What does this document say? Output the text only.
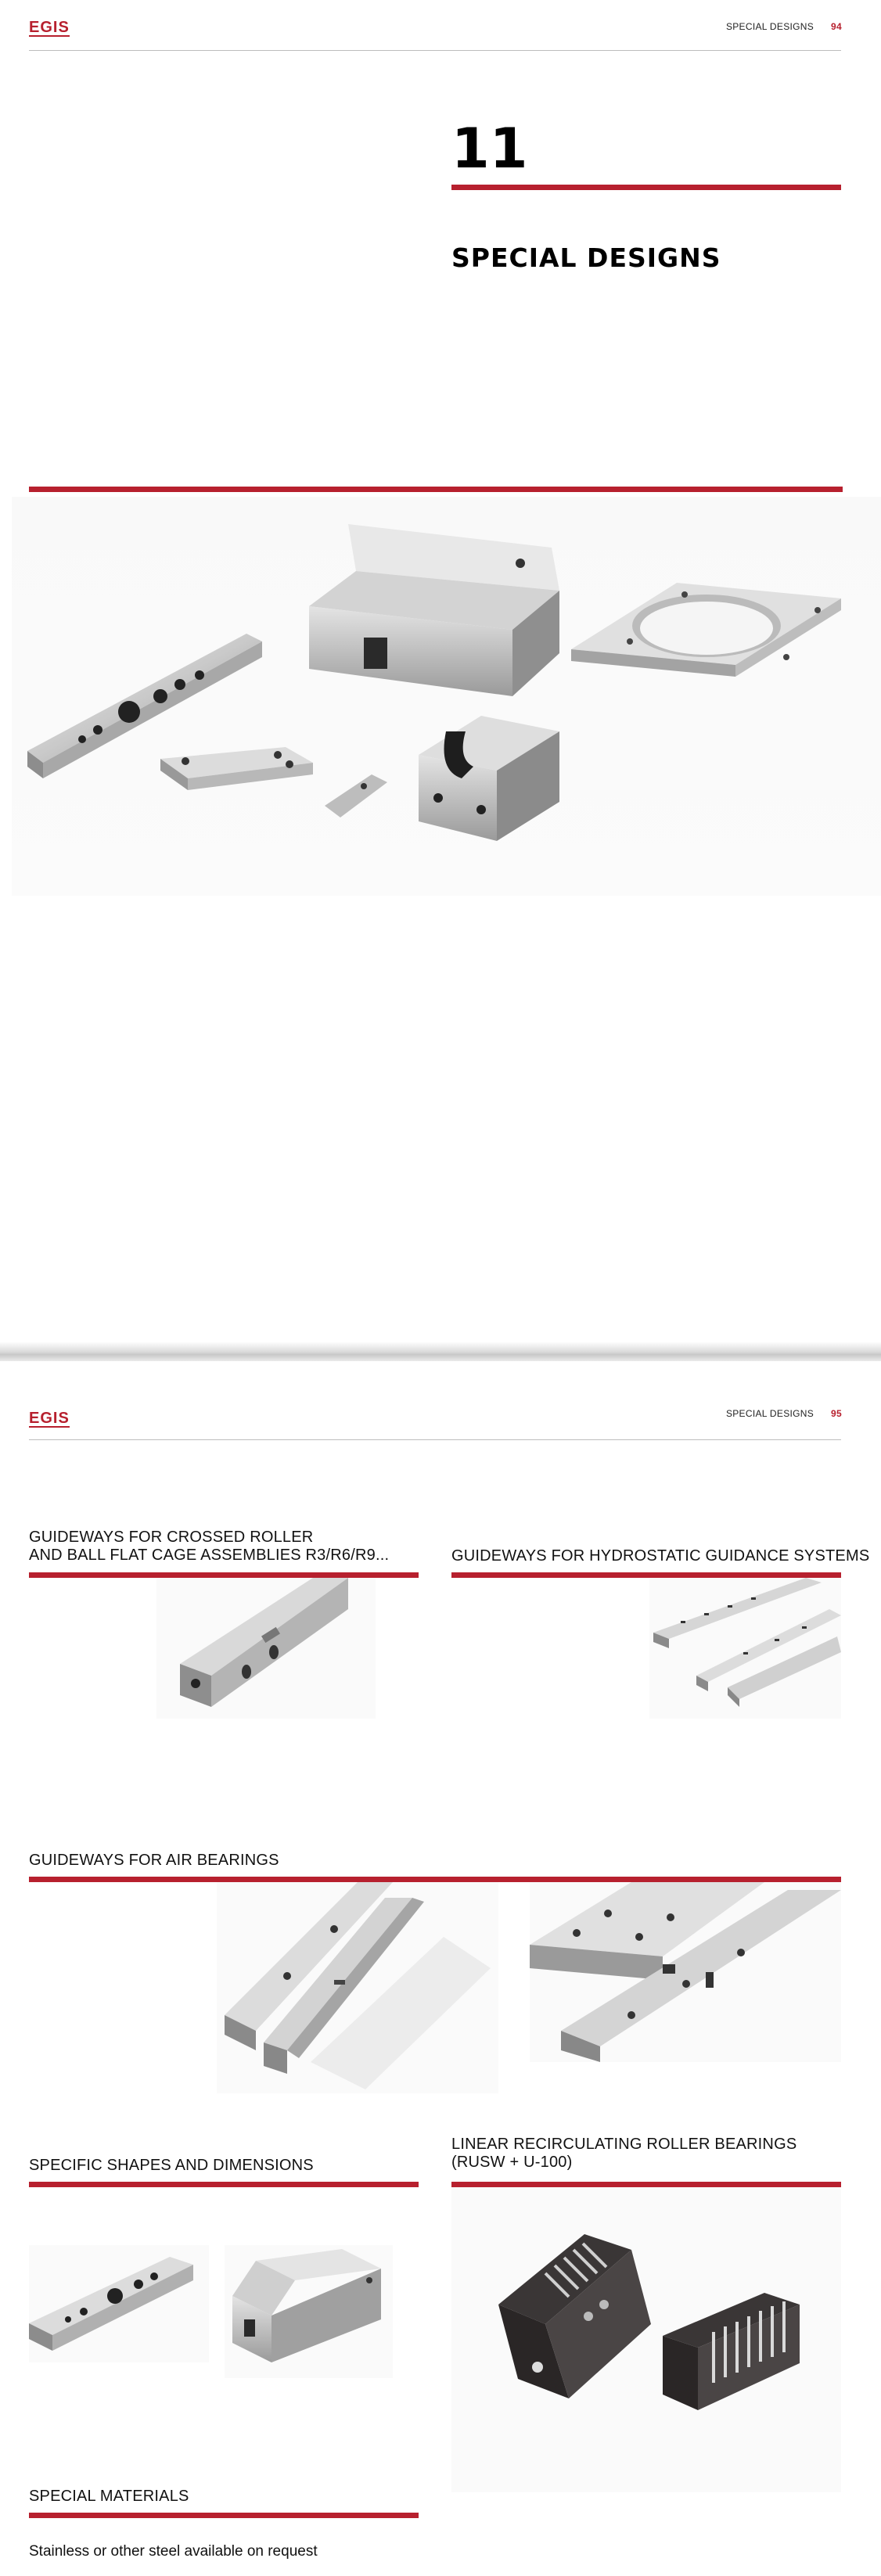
EGIS	SPECIAL DESIGNS 94
11
SPECIAL DESIGNS
EGIS	SPECIAL DESIGNS 95
GUIDEWAYS FOR CROSSED ROLLER
AND BALL FLAT CAGE ASSEMBLIES R3/R6/R9...	GUIDEWAYS FOR HYDROSTATIC GUIDANCE SYSTEMS
GUIDEWAYS FOR AIR BEARINGS
SPECIFIC SHAPES AND DIMENSIONS
LINEAR RECIRCULATING ROLLER BEARINGS
(RUSW + U-100)
SPECIAL MATERIALS
Stainless or other steel available on request
